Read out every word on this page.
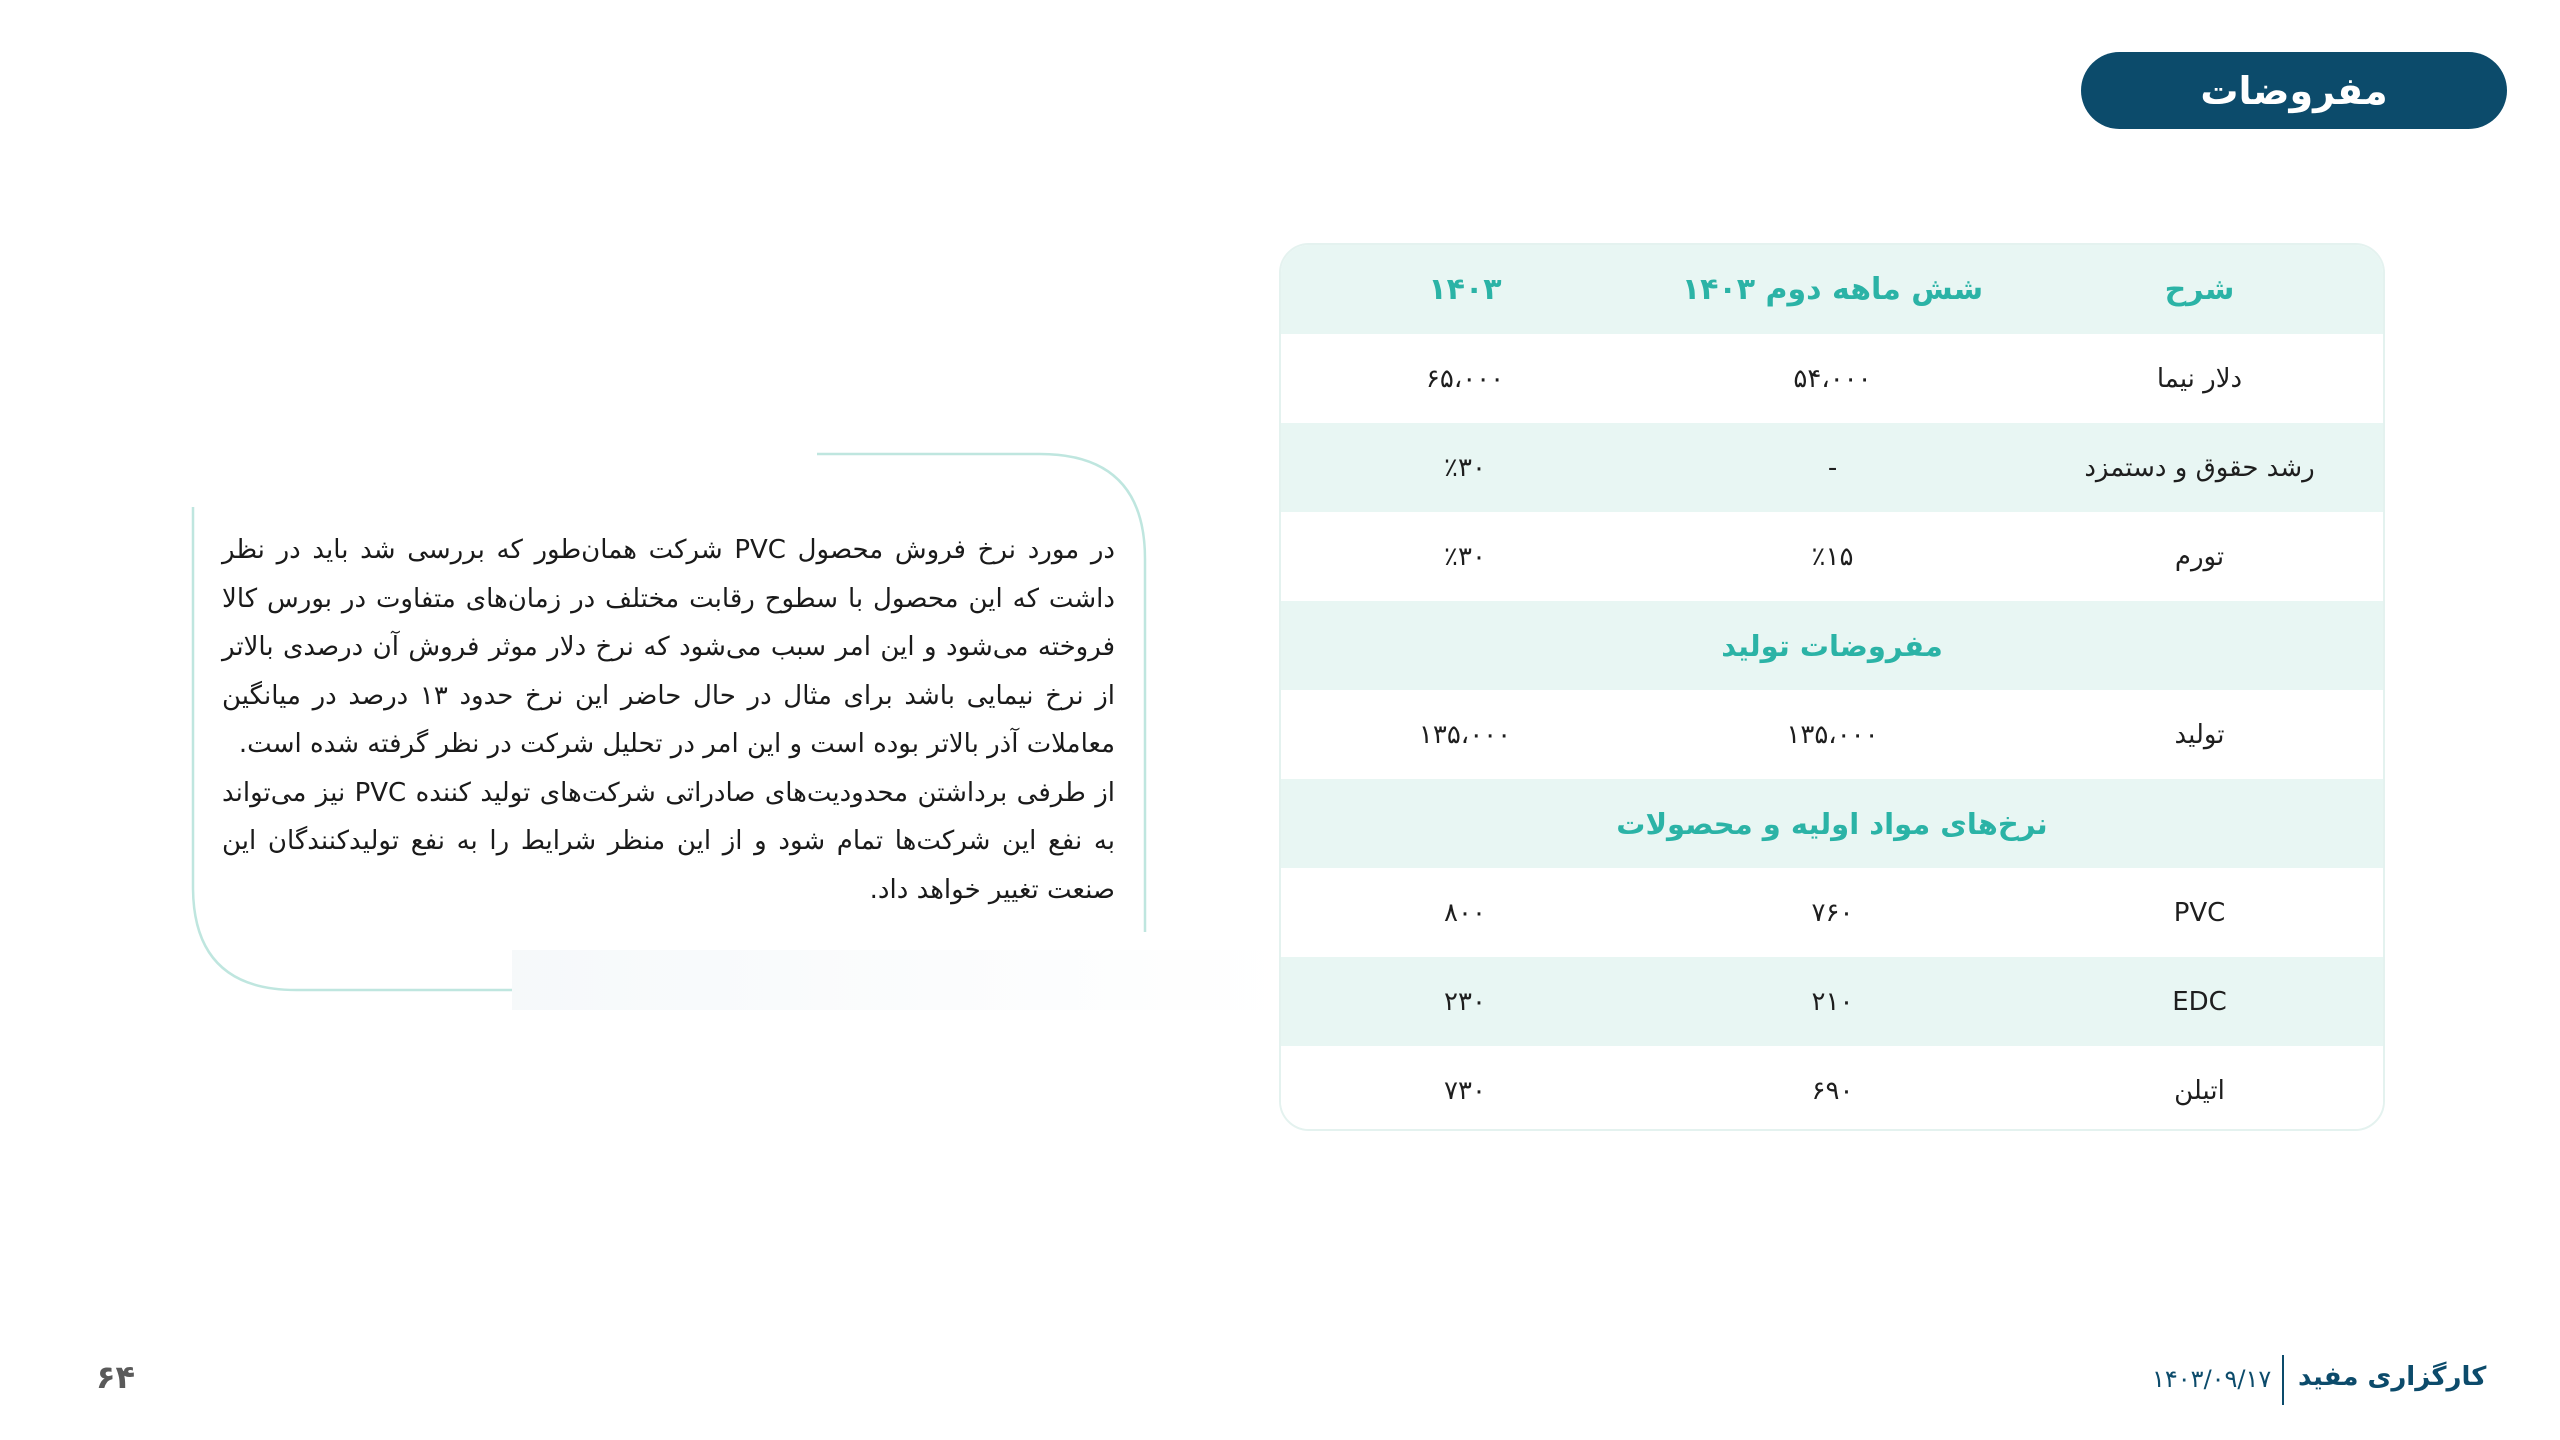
مفروضات
شرح
شش ماهه دوم ۱۴۰۳
۱۴۰۳
دلار نیما
۵۴،۰۰۰
۶۵،۰۰۰
رشد حقوق و دستمزد
-
٪۳۰
تورم
٪۱۵
٪۳۰
مفروضات تولید
تولید
۱۳۵،۰۰۰
۱۳۵،۰۰۰
نرخ‌های مواد اولیه و محصولات
PVC
۷۶۰
۸۰۰
EDC
۲۱۰
۲۳۰
اتیلن
۶۹۰
۷۳۰

در مورد نرخ فروش محصول PVC شرکت همان‌طور که بررسی شد باید در نظر داشت که این محصول با سطوح رقابت مختلف در زمان‌های متفاوت در بورس کالا فروخته می‌شود و این امر سبب می‌شود که نرخ دلار موثر فروش آن درصدی بالاتر از نرخ نیمایی باشد برای مثال در حال حاضر این نرخ حدود ۱۳ درصد در میانگین معاملات آذر بالاتر بوده است و این امر در تحلیل شرکت در نظر گرفته شده است.

از طرفی برداشتن محدودیت‌های صادراتی شرکت‌های تولید کننده PVC نیز می‌تواند به نفع این شرکت‌ها تمام شود و از این منظر شرایط را به نفع تولیدکنندگان این صنعت تغییر خواهد داد.

کارگزاری مفید
۱۴۰۳/۰۹/۱۷
۶۴
